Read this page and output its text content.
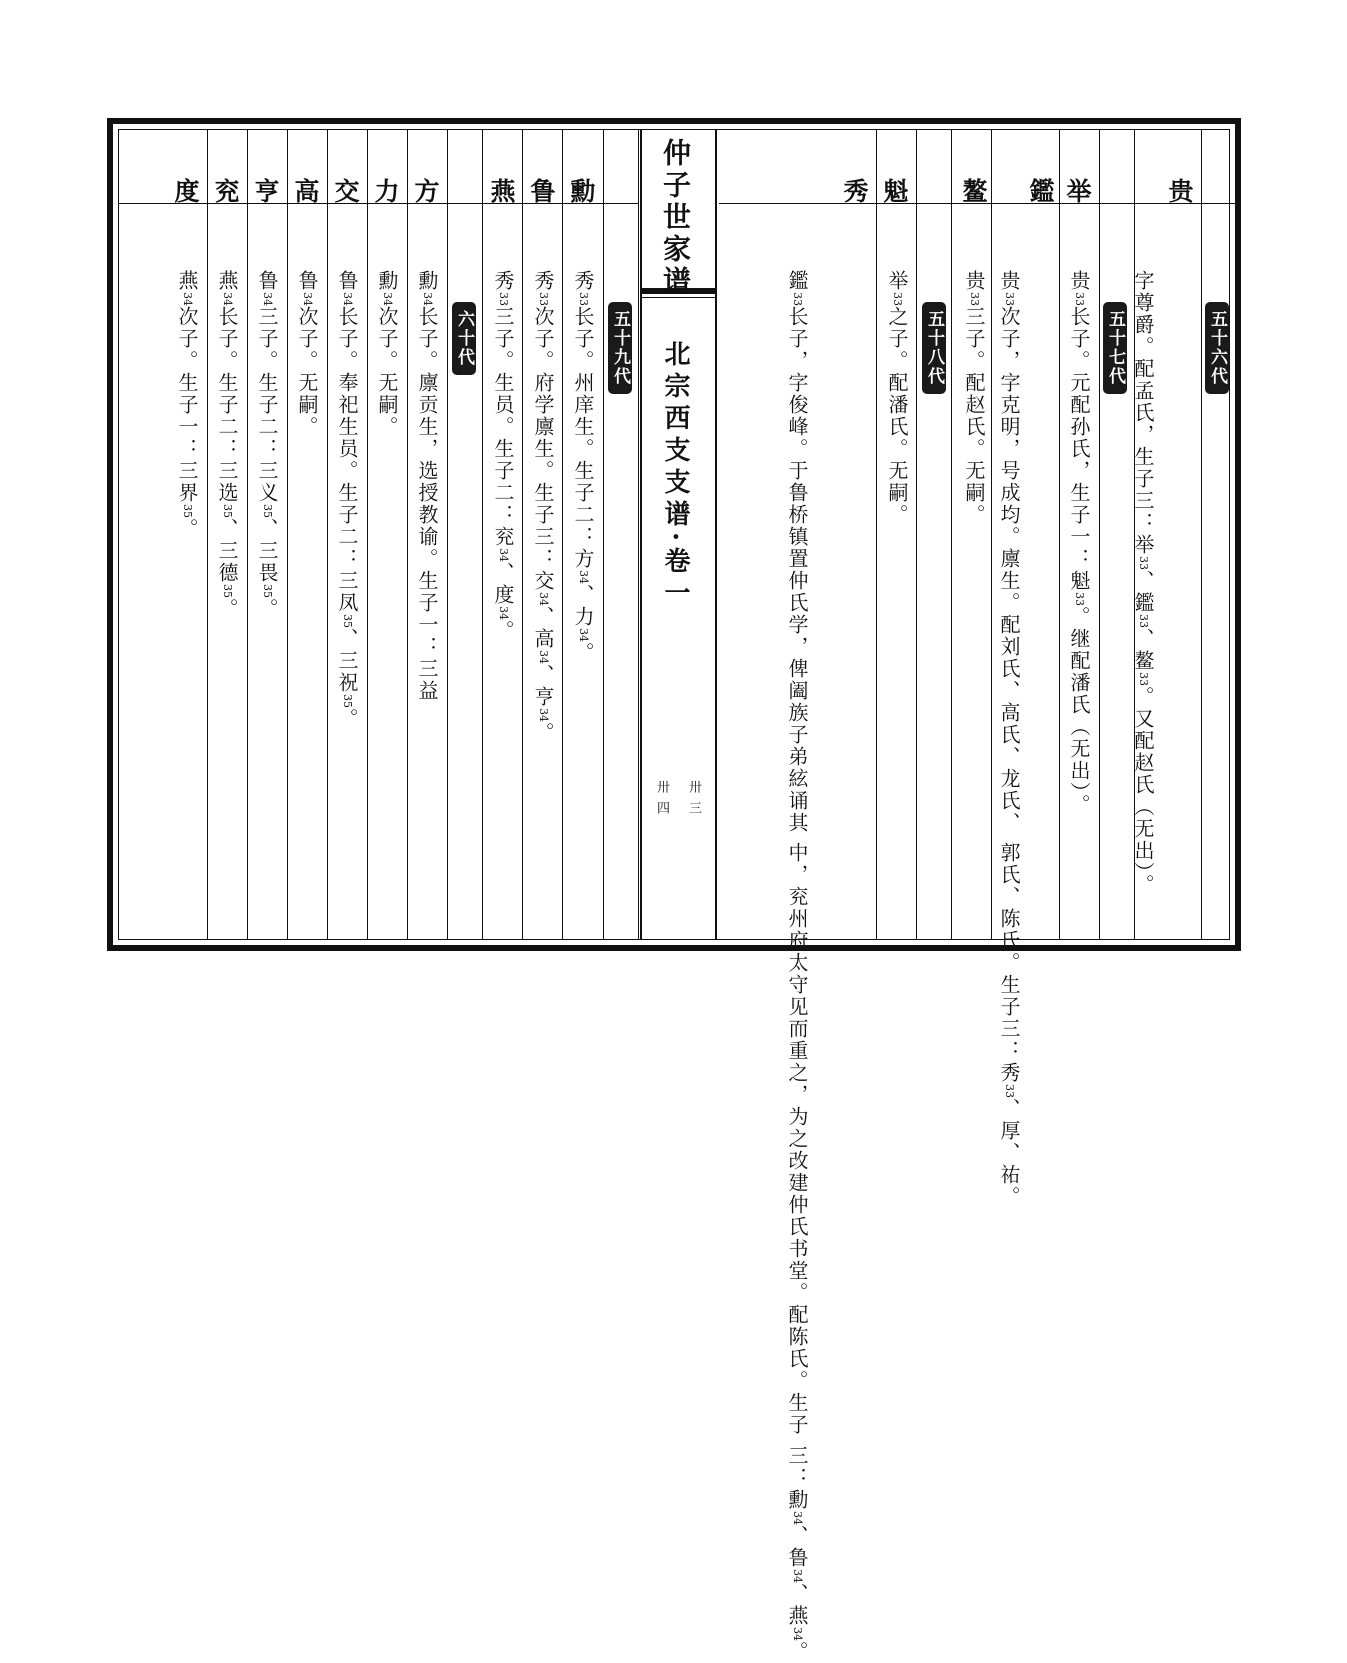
仲子世家谱
北宗西支支谱·卷一
卅三
卅四
贵
五十六代
字尊爵。配孟氏，生子三：举33、鑑33、鳌33。又配赵氏（无出）。
举
五十七代
贵33长子。元配孙氏，生子一：魁33。继配潘氏（无出）。
鑑
贵33次子，字克明，号成均。廪生。配刘氏、高氏、龙氏、 郭氏、陈氏。生子三：秀33、厚、祐。
鳌
贵33三子。配赵氏。无嗣。
魁
五十八代
举33之子。配潘氏。无嗣。
秀
鑑33长子，字俊峰。于鲁桥镇置仲氏学，俾阖族子弟絃诵其 中，兖州府太守见而重之，为之改建仲氏书堂。配陈氏。生子 三：勳34、鲁34、燕34。
勳
五十九代
秀33长子。州庠生。生子二：方34、力34。
鲁
秀33次子。府学廪生。生子三：交34、高34、亨34。
燕
秀33三子。生员。生子二：兖34、度34。
六十代
方
勳34长子。廪贡生，选授教谕。生子一：三益
力
勳34次子。无嗣。
交
鲁34长子。奉祀生员。生子二：三凤35、三祝35。
高
鲁34次子。无嗣。
亨
鲁34三子。生子二：三义35、三畏35。
兖
燕34长子。生子二：三选35、三德35。
度
燕34次子。生子一：三界35。
